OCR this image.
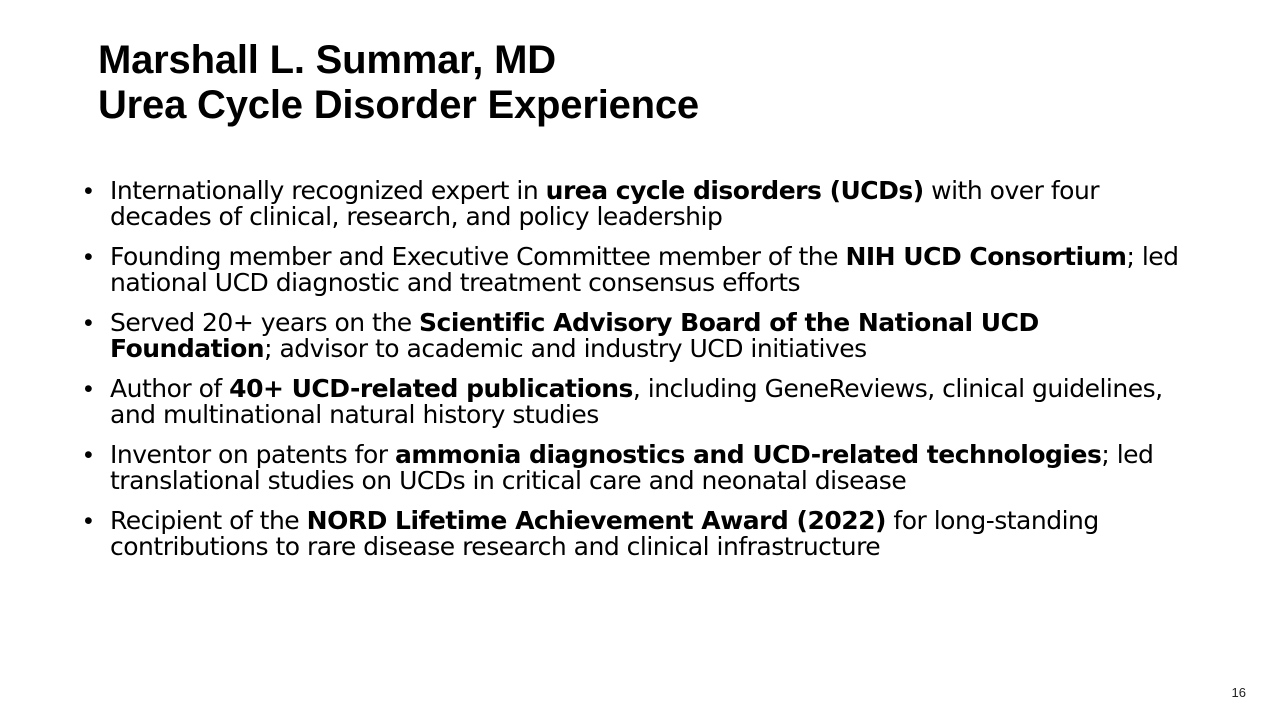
Marshall L. Summar, MD
Urea Cycle Disorder Experience
• Internationally recognized expert in urea cycle disorders (UCDs) with over four decades of clinical, research, and policy leadership
• Founding member and Executive Committee member of the NIH UCD Consortium; led national UCD diagnostic and treatment consensus efforts
• Served 20+ years on the Scientific Advisory Board of the National UCD Foundation; advisor to academic and industry UCD initiatives
• Author of 40+ UCD-related publications, including GeneReviews, clinical guidelines, and multinational natural history studies
• Inventor on patents for ammonia diagnostics and UCD-related technologies; led translational studies on UCDs in critical care and neonatal disease
• Recipient of the NORD Lifetime Achievement Award (2022) for long-standing contributions to rare disease research and clinical infrastructure
16
